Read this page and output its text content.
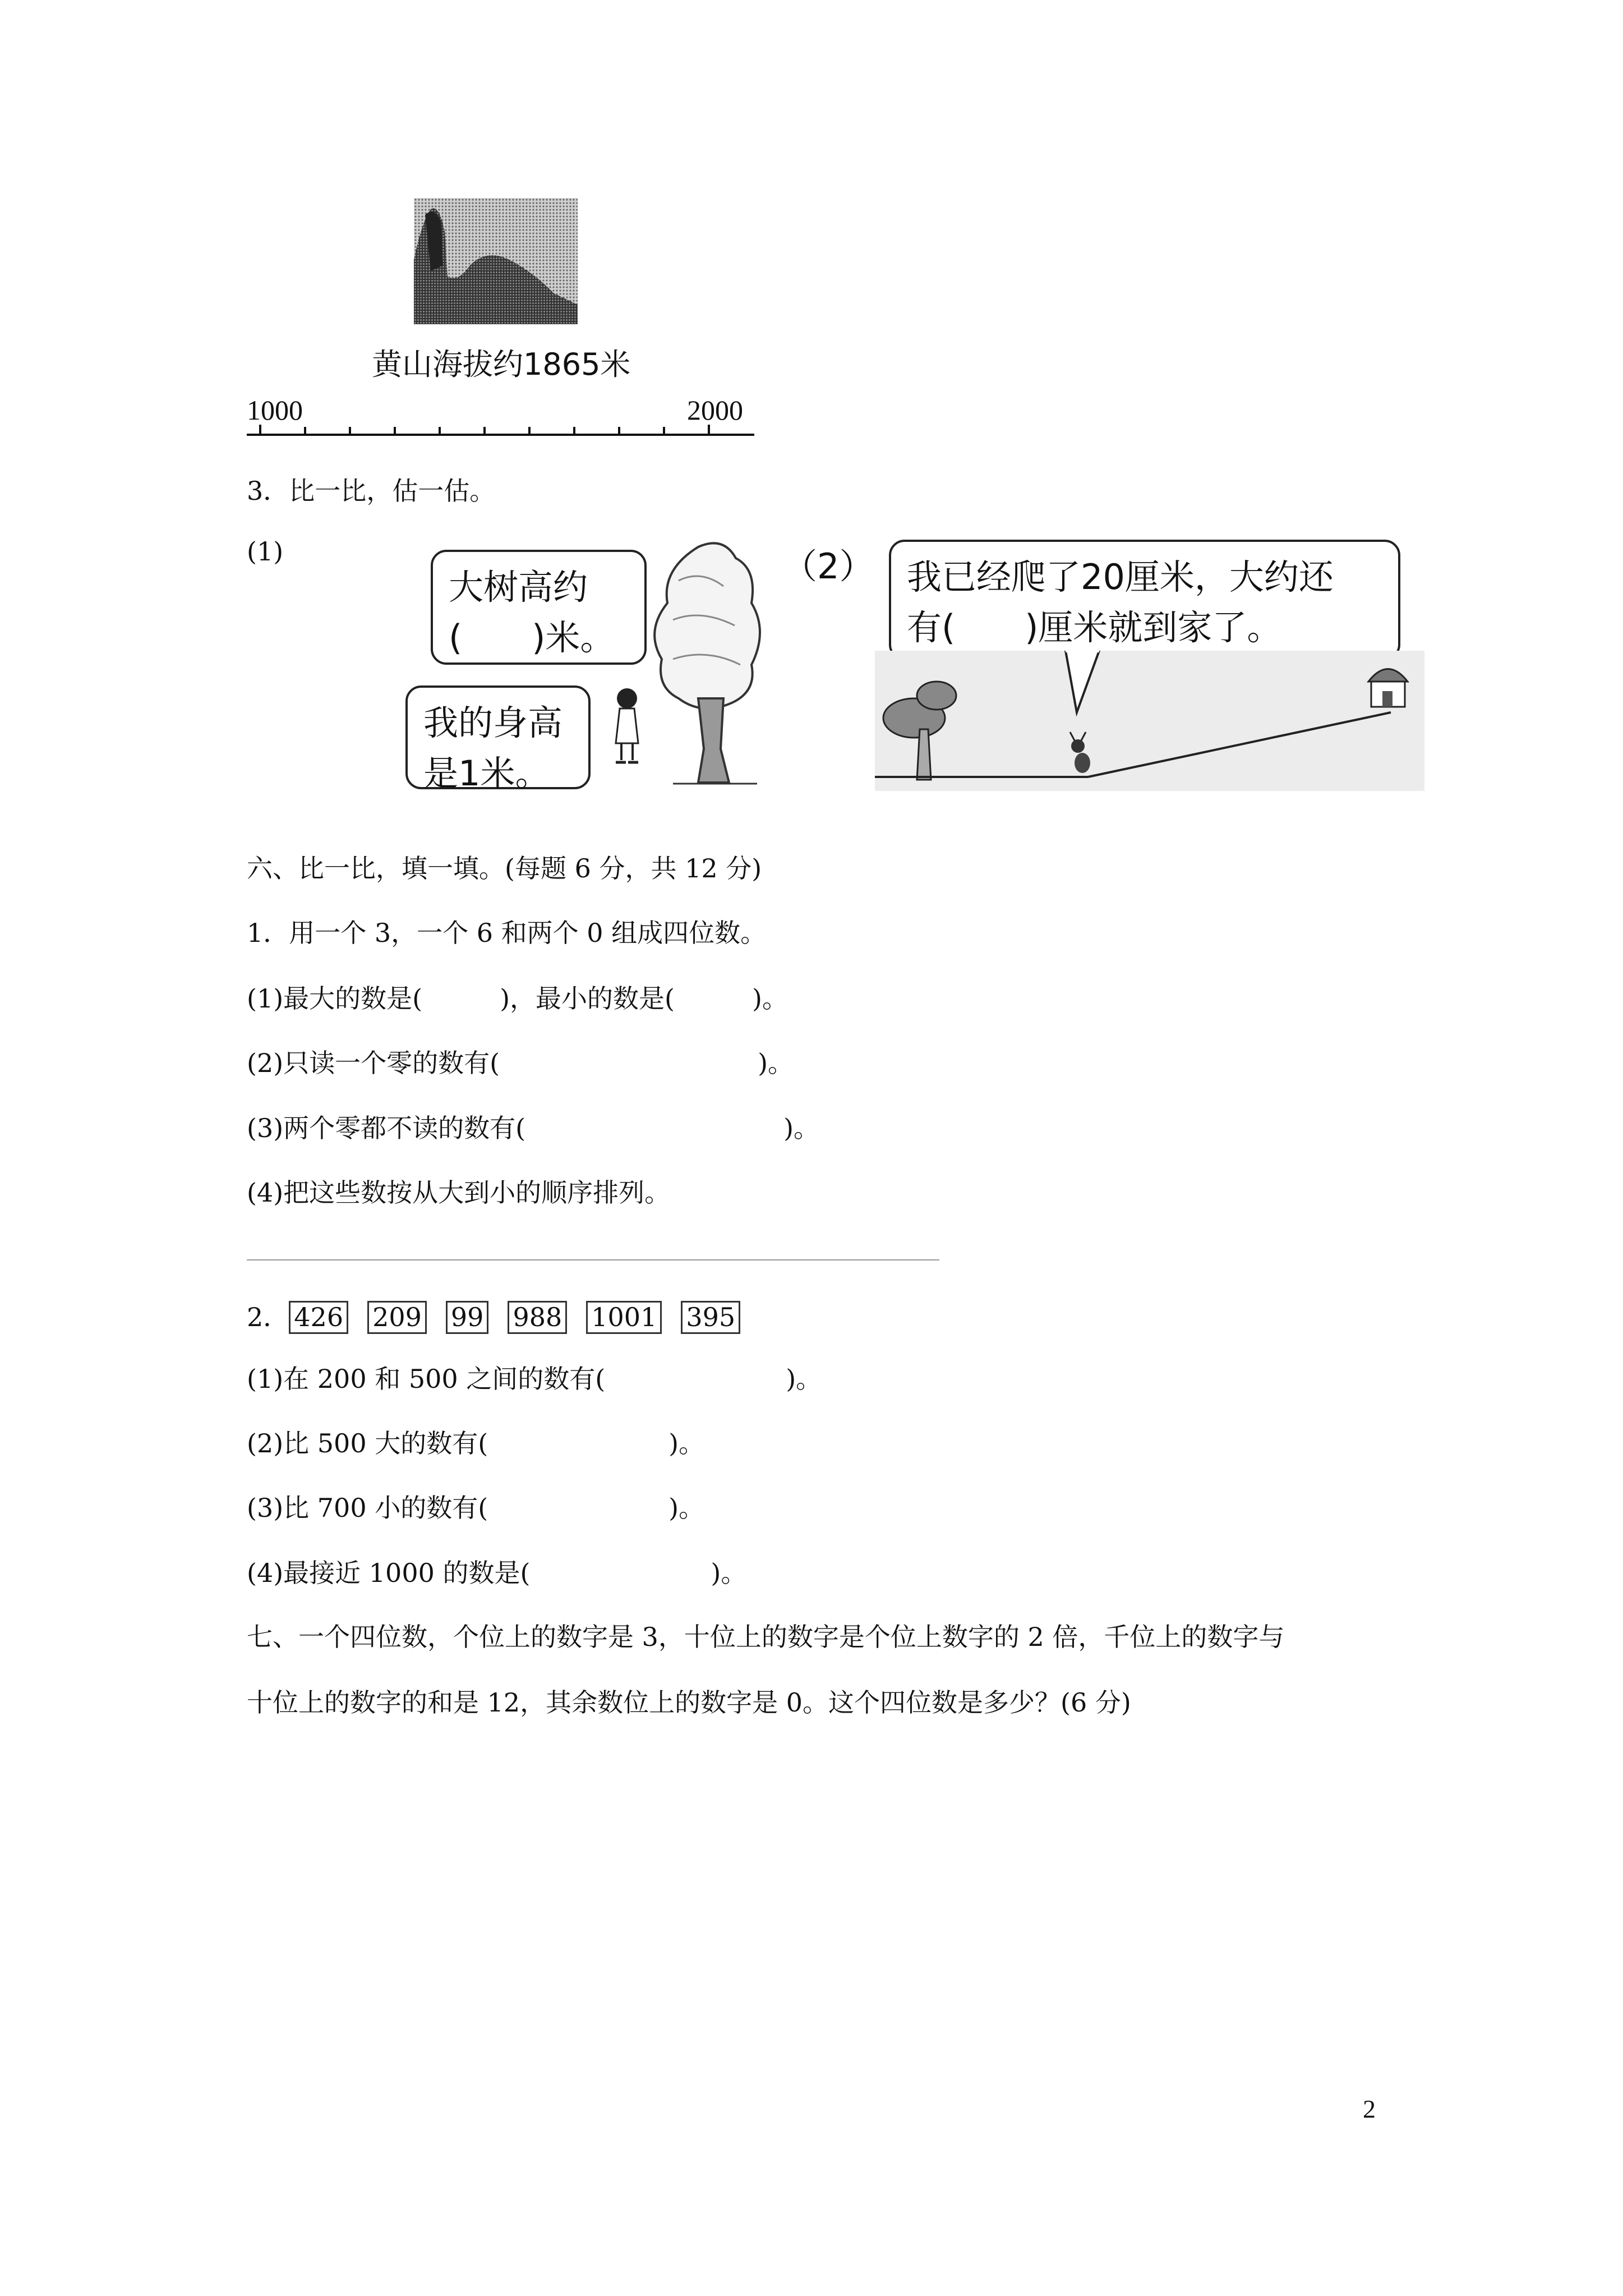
黄山海拔约1865米
1000	2000
3．比一比，估一估。
(1)
大树高约
(　　)米。
我的身高
是1米。
（2） 我已经爬了20厘米，大约还
有(　　)厘米就到家了。
六、比一比，填一填。(每题 6 分，共 12 分)
1．用一个 3，一个 6 和两个 0 组成四位数。
(1)最大的数是(　　　)，最小的数是(　　　)。
(2)只读一个零的数有(　　　　　　　　　　)。
(3)两个零都不读的数有(　　　　　　　　　　)。
(4)把这些数按从大到小的顺序排列。
2． 426 209 99 988 1001 395
(1)在 200 和 500 之间的数有(　　　　　　　)。
(2)比 500 大的数有(　　　　　　　)。
(3)比 700 小的数有(　　　　　　　)。
(4)最接近 1000 的数是(　　　　　　　)。
七、一个四位数，个位上的数字是 3，十位上的数字是个位上数字的 2 倍，千位上的数字与
十位上的数字的和是 12，其余数位上的数字是 0。这个四位数是多少？(6 分)
2
